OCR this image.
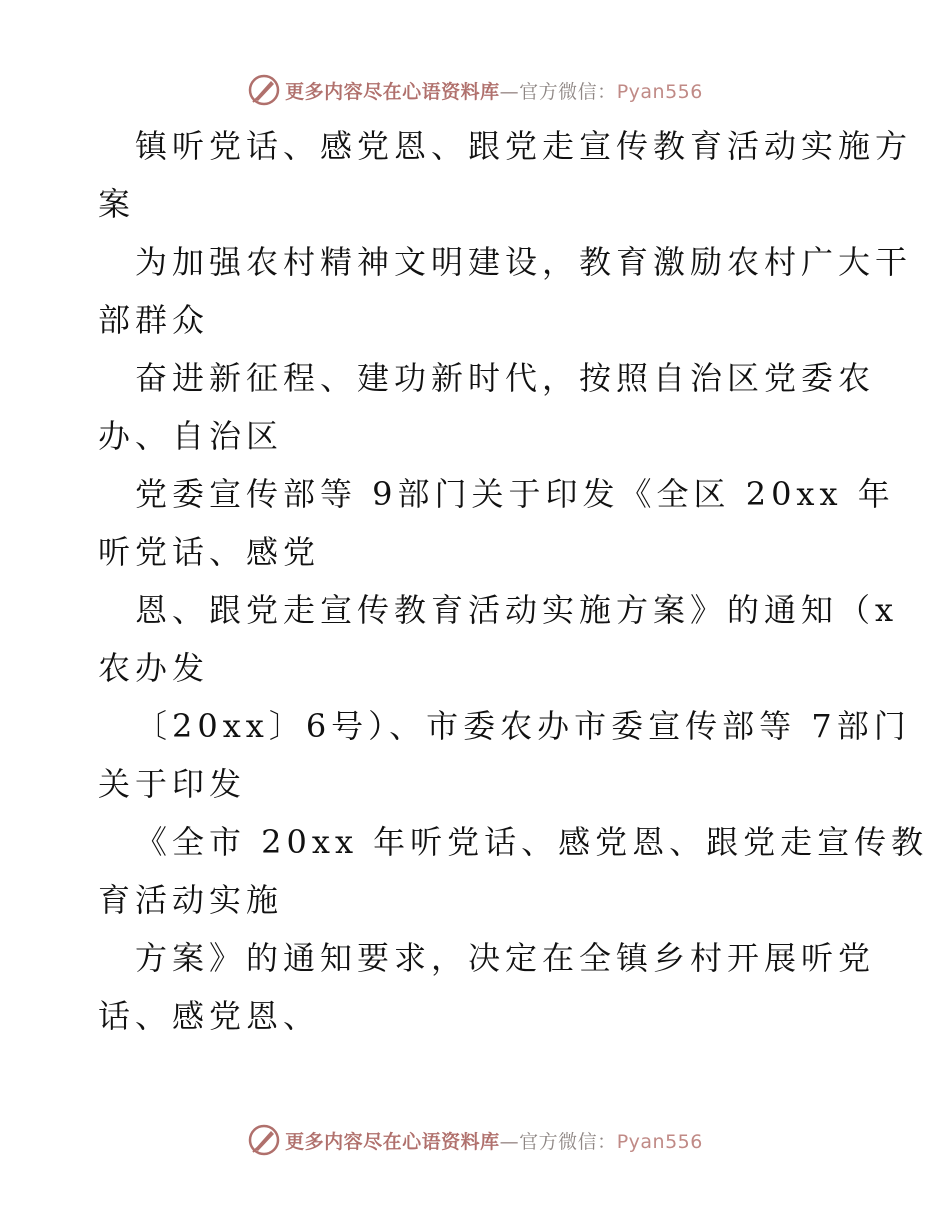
更多内容尽在心语资料库—官方微信：Pyan556
镇听党话、感党恩、跟党走宣传教育活动实施方
案
为加强农村精神文明建设，教育激励农村广大干
部群众
奋进新征程、建功新时代，按照自治区党委农
办、自治区
党委宣传部等 9部门关于印发《全区 20xx 年
听党话、感党
恩、跟党走宣传教育活动实施方案》的通知（x
农办发
〔20xx〕6号）、市委农办市委宣传部等 7部门
关于印发
《全市 20xx 年听党话、感党恩、跟党走宣传教
育活动实施
方案》的通知要求，决定在全镇乡村开展听党
话、感党恩、
更多内容尽在心语资料库—官方微信：Pyan556
